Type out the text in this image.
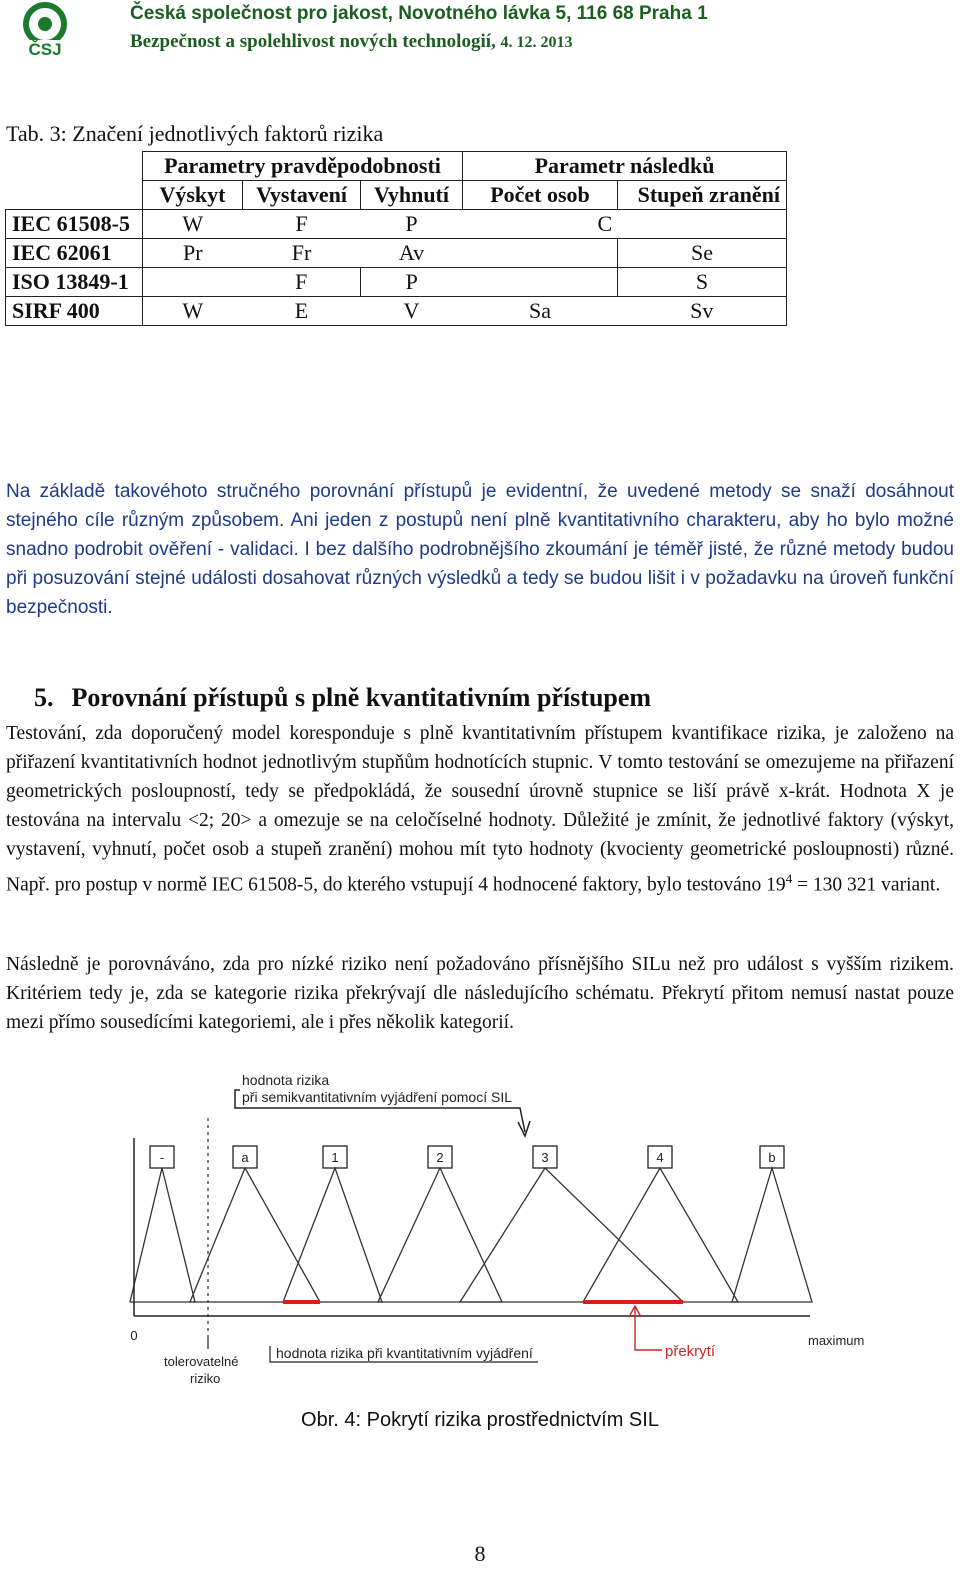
ČSJ
Česká společnost pro jakost, Novotného lávka 5, 116 68 Praha 1
Bezpečnost a spolehlivost nových technologií, 4. 12. 2013
Tab. 3: Značení jednotlivých faktorů rizika
	Parametry pravděpodobnosti			Parametr následků	
	Výskyt	Vystavení	Vyhnutí	Počet osob	Stupeň zranění
IEC 61508-5	W	F	P	C	
IEC 62061	Pr	Fr	Av		Se
ISO 13849-1		F	P		S
SIRF 400	W	E	V	Sa	Sv
Na základě takovéhoto stručného porovnání přístupů je evidentní, že uvedené metody se snaží dosáhnout stejného cíle různým způsobem. Ani jeden z postupů není plně kvantitativního charakteru, aby ho bylo možné snadno podrobit ověření - validaci. I bez dalšího podrobnějšího zkoumání je téměř jisté, že různé metody budou při posuzování stejné události dosahovat různých výsledků a tedy se budou lišit i v požadavku na úroveň funkční bezpečnosti.
5. Porovnání přístupů s plně kvantitativním přístupem
Testování, zda doporučený model koresponduje s plně kvantitativním přístupem kvantifikace rizika, je založeno na přiřazení kvantitativních hodnot jednotlivým stupňům hodnotících stupnic. V tomto testování se omezujeme na přiřazení geometrických posloupností, tedy se předpokládá, že sousední úrovně stupnice se liší právě x-krát. Hodnota X je testována na intervalu <2; 20> a omezuje se na celočíselné hodnoty. Důležité je zmínit, že jednotlivé faktory (výskyt, vystavení, vyhnutí, počet osob a stupeň zranění) mohou mít tyto hodnoty (kvocienty geometrické posloupnosti) různé. Např. pro postup v normě IEC 61508-5, do kterého vstupují 4 hodnocené faktory, bylo testováno $19^4 = 130$ 321 variant.
Následně je porovnáváno, zda pro nízké riziko není požadováno přísnějšího SILu než pro událost s vyšším rizikem. Kritériem tedy je, zda se kategorie rizika překrývají dle následujícího schématu. Překrytí přitom nemusí nastat pouze mezi přímo sousedícími kategoriemi, ale i přes několik kategorií.
hodnota rizika
při semikvantitativním vyjádření pomocí SIL
-	a	1	2	3	4	b
0	maximum
tolerovatelné
riziko
hodnota rizika při kvantitativním vyjádření	překrytí
Obr. 4: Pokrytí rizika prostřednictvím SIL
8
